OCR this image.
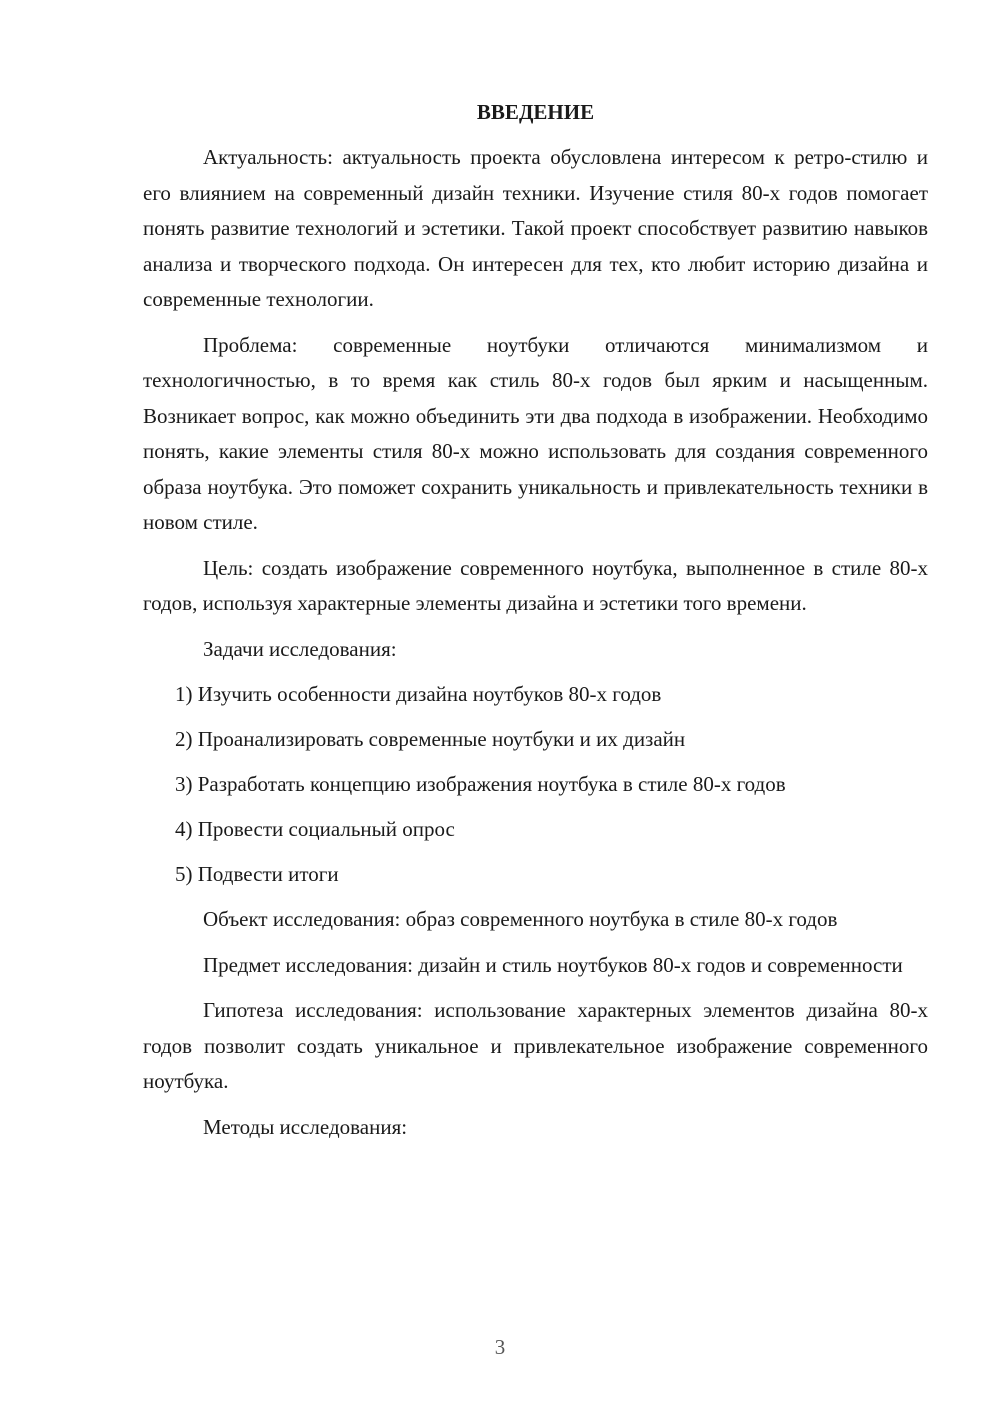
ВВЕДЕНИЕ

Актуальность: актуальность проекта обусловлена интересом к ретро-стилю и его влиянием на современный дизайн техники. Изучение стиля 80-х годов помогает понять развитие технологий и эстетики. Такой проект способствует развитию навыков анализа и творческого подхода. Он интересен для тех, кто любит историю дизайна и современные технологии.

Проблема: современные ноутбуки отличаются минимализмом и технологичностью, в то время как стиль 80-х годов был ярким и насыщенным. Возникает вопрос, как можно объединить эти два подхода в изображении. Необходимо понять, какие элементы стиля 80-х можно использовать для создания современного образа ноутбука. Это поможет сохранить уникальность и привлекательность техники в новом стиле.

Цель: создать изображение современного ноутбука, выполненное в стиле 80-х годов, используя характерные элементы дизайна и эстетики того времени.

Задачи исследования:

1) Изучить особенности дизайна ноутбуков 80-х годов
2) Проанализировать современные ноутбуки и их дизайн
3) Разработать концепцию изображения ноутбука в стиле 80-х годов
4) Провести социальный опрос
5) Подвести итоги

Объект исследования: образ современного ноутбука в стиле 80-х годов

Предмет исследования: дизайн и стиль ноутбуков 80-х годов и современности

Гипотеза исследования: использование характерных элементов дизайна 80-х годов позволит создать уникальное и привлекательное изображение современного ноутбука.

Методы исследования:

3
